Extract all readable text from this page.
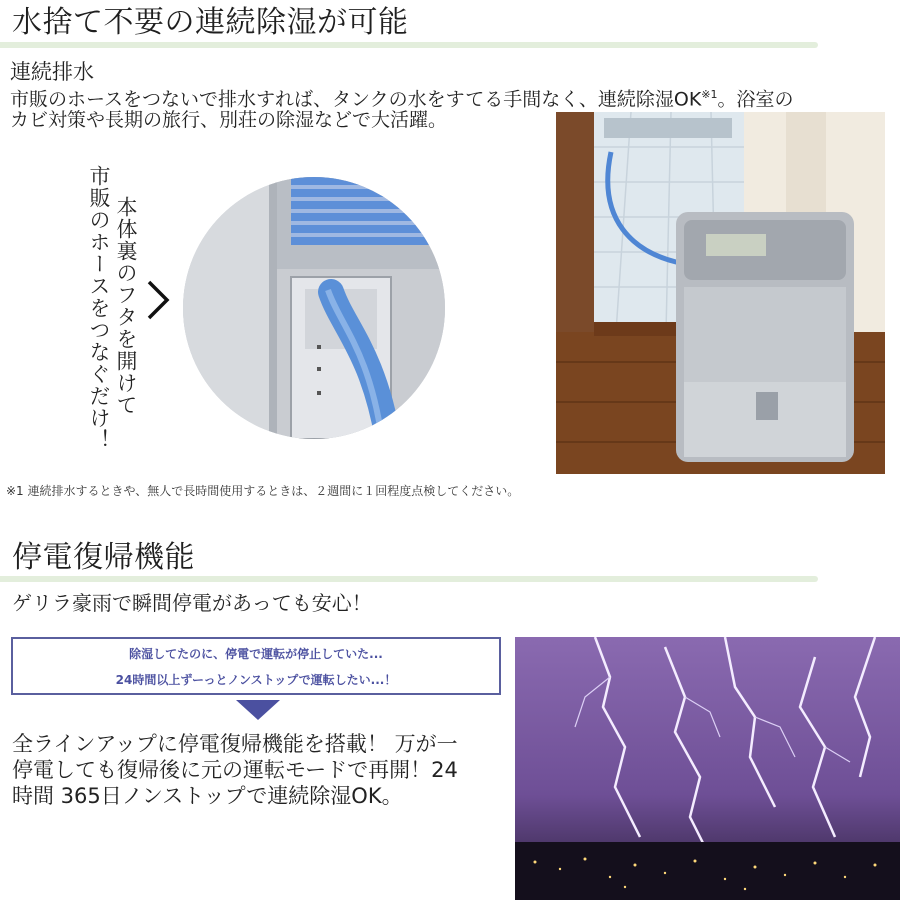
水捨て不要の連続除湿が可能
連続排水
市販のホースをつないで排水すれば、タンクの水をすてる手間なく、連続除湿OK$^{※1}$。浴室の
カビ対策や長期の旅行、別荘の除湿などで大活躍。
市販のホースをつなぐだけ！ 本体裏のフタを開けて
※1 連続排水するときや、無人で長時間使用するときは、２週間に１回程度点検してください。
停電復帰機能
ゲリラ豪雨で瞬間停電があっても安心！
除湿してたのに、停電で運転が停止していた...
24時間以上ずーっとノンストップで運転したい...！
全ラインアップに停電復帰機能を搭載！ 万が一
停電しても復帰後に元の運転モードで再開！24
時間 365日ノンストップで連続除湿OK。
